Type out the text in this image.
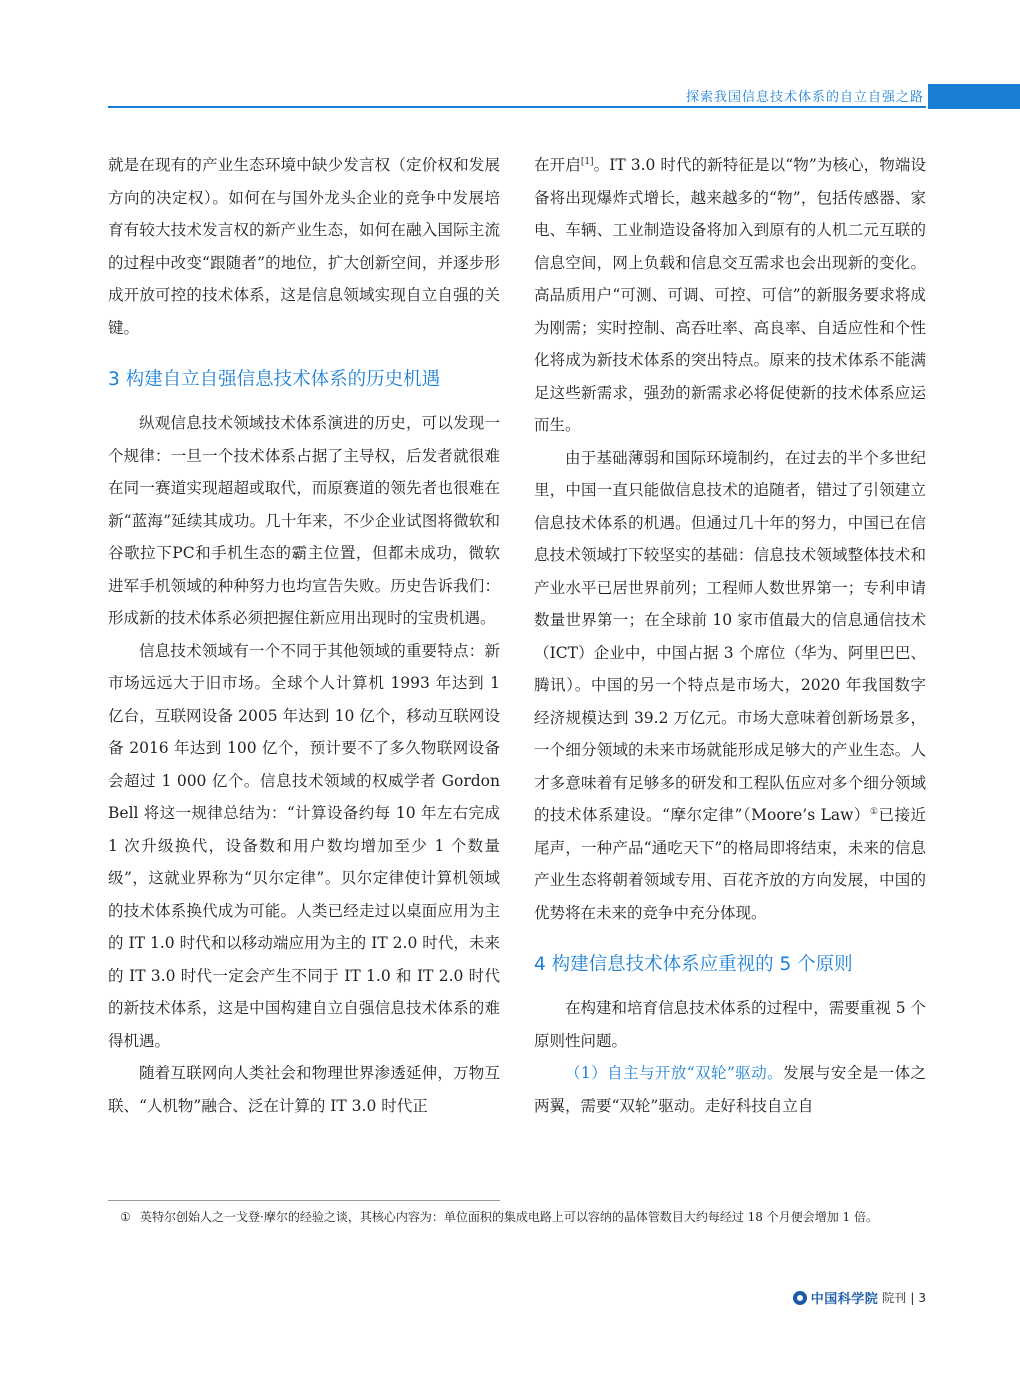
探索我国信息技术体系的自立自强之路

就是在现有的产业生态环境中缺少发言权（定价权和发展方向的决定权）。如何在与国外龙头企业的竞争中发展培育有较大技术发言权的新产业生态，如何在融入国际主流的过程中改变“跟随者”的地位，扩大创新空间，并逐步形成开放可控的技术体系，这是信息领域实现自立自强的关键。

3 构建自立自强信息技术体系的历史机遇

纵观信息技术领域技术体系演进的历史，可以发现一个规律：一旦一个技术体系占据了主导权，后发者就很难在同一赛道实现超超或取代，而原赛道的领先者也很难在新“蓝海”延续其成功。几十年来，不少企业试图将微软和谷歌拉下PC和手机生态的霸主位置，但都未成功，微软进军手机领域的种种努力也均宣告失败。历史告诉我们：形成新的技术体系必须把握住新应用出现时的宝贵机遇。

信息技术领域有一个不同于其他领域的重要特点：新市场远远大于旧市场。全球个人计算机 1993 年达到 1 亿台，互联网设备 2005 年达到 10 亿个，移动互联网设备 2016 年达到 100 亿个，预计要不了多久物联网设备会超过 1 000 亿个。信息技术领域的权威学者 Gordon Bell 将这一规律总结为：“计算设备约每 10 年左右完成 1 次升级换代，设备数和用户数均增加至少 1 个数量级”，这就业界称为“贝尔定律”。贝尔定律使计算机领域的技术体系换代成为可能。人类已经走过以桌面应用为主的 IT 1.0 时代和以移动端应用为主的 IT 2.0 时代，未来的 IT 3.0 时代一定会产生不同于 IT 1.0 和 IT 2.0 时代的新技术体系，这是中国构建自立自强信息技术体系的难得机遇。

随着互联网向人类社会和物理世界渗透延伸，万物互联、“人机物”融合、泛在计算的 IT 3.0 时代正

在开启[1]。IT 3.0 时代的新特征是以“物”为核心，物端设备将出现爆炸式增长，越来越多的“物”，包括传感器、家电、车辆、工业制造设备将加入到原有的人机二元互联的信息空间，网上负载和信息交互需求也会出现新的变化。高品质用户“可测、可调、可控、可信”的新服务要求将成为刚需；实时控制、高吞吐率、高良率、自适应性和个性化将成为新技术体系的突出特点。原来的技术体系不能满足这些新需求，强劲的新需求必将促使新的技术体系应运而生。

由于基础薄弱和国际环境制约，在过去的半个多世纪里，中国一直只能做信息技术的追随者，错过了引领建立信息技术体系的机遇。但通过几十年的努力，中国已在信息技术领域打下较坚实的基础：信息技术领域整体技术和产业水平已居世界前列；工程师人数世界第一；专利申请数量世界第一；在全球前 10 家市值最大的信息通信技术（ICT）企业中，中国占据 3 个席位（华为、阿里巴巴、腾讯）。中国的另一个特点是市场大，2020 年我国数字经济规模达到 39.2 万亿元。市场大意味着创新场景多，一个细分领域的未来市场就能形成足够大的产业生态。人才多意味着有足够多的研发和工程队伍应对多个细分领域的技术体系建设。“摩尔定律”（Moore’s Law）①已接近尾声，一种产品“通吃天下”的格局即将结束，未来的信息产业生态将朝着领域专用、百花齐放的方向发展，中国的优势将在未来的竞争中充分体现。

4 构建信息技术体系应重视的 5 个原则

在构建和培育信息技术体系的过程中，需要重视 5 个原则性问题。

（1）自主与开放“双轮”驱动。发展与安全是一体之两翼，需要“双轮”驱动。走好科技自立自

① 英特尔创始人之一戈登·摩尔的经验之谈，其核心内容为：单位面积的集成电路上可以容纳的晶体管数目大约每经过 18 个月便会增加 1 倍。
中国科学院 院刊 | 3
